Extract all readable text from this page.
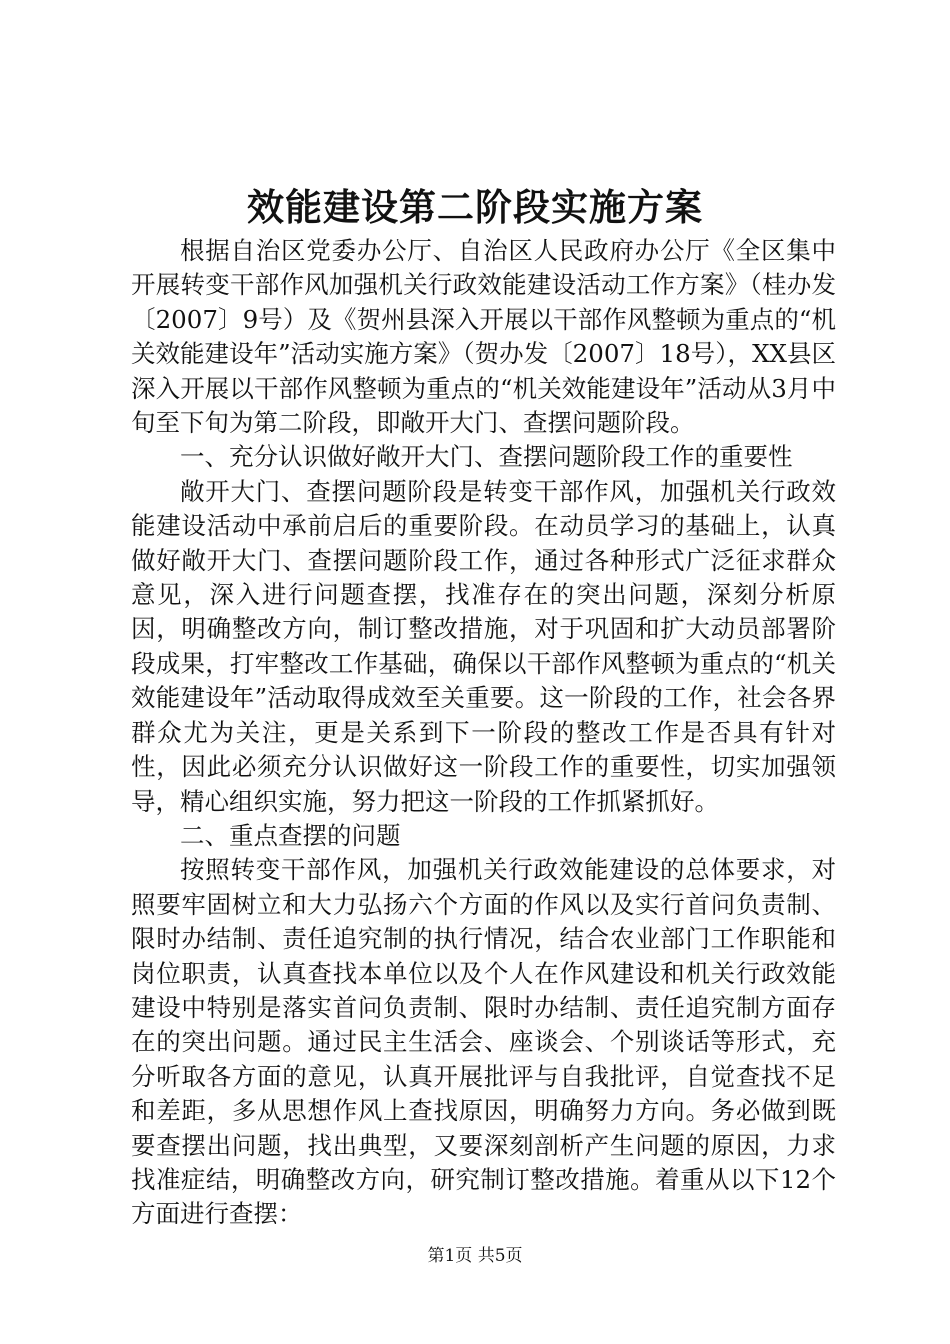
效能建设第二阶段实施方案

根据自治区党委办公厅、自治区人民政府办公厅《全区集中开展转变干部作风加强机关行政效能建设活动工作方案》（桂办发〔2007〕9号）及《贺州县深入开展以干部作风整顿为重点的“机关效能建设年”活动实施方案》（贺办发〔2007〕18号），XX县区深入开展以干部作风整顿为重点的“机关效能建设年”活动从3月中旬至下旬为第二阶段，即敞开大门、查摆问题阶段。

一、充分认识做好敞开大门、查摆问题阶段工作的重要性

敞开大门、查摆问题阶段是转变干部作风，加强机关行政效能建设活动中承前启后的重要阶段。在动员学习的基础上，认真做好敞开大门、查摆问题阶段工作，通过各种形式广泛征求群众意见，深入进行问题查摆，找准存在的突出问题，深刻分析原因，明确整改方向，制订整改措施，对于巩固和扩大动员部署阶段成果，打牢整改工作基础，确保以干部作风整顿为重点的“机关效能建设年”活动取得成效至关重要。这一阶段的工作，社会各界群众尤为关注，更是关系到下一阶段的整改工作是否具有针对性，因此必须充分认识做好这一阶段工作的重要性，切实加强领导，精心组织实施，努力把这一阶段的工作抓紧抓好。

二、重点查摆的问题

按照转变干部作风，加强机关行政效能建设的总体要求，对照要牢固树立和大力弘扬六个方面的作风以及实行首问负责制、限时办结制、责任追究制的执行情况，结合农业部门工作职能和岗位职责，认真查找本单位以及个人在作风建设和机关行政效能建设中特别是落实首问负责制、限时办结制、责任追究制方面存在的突出问题。通过民主生活会、座谈会、个别谈话等形式，充分听取各方面的意见，认真开展批评与自我批评，自觉查找不足和差距，多从思想作风上查找原因，明确努力方向。务必做到既要查摆出问题，找出典型，又要深刻剖析产生问题的原因，力求找准症结，明确整改方向，研究制订整改措施。着重从以下12个方面进行查摆：

第1页 共5页
